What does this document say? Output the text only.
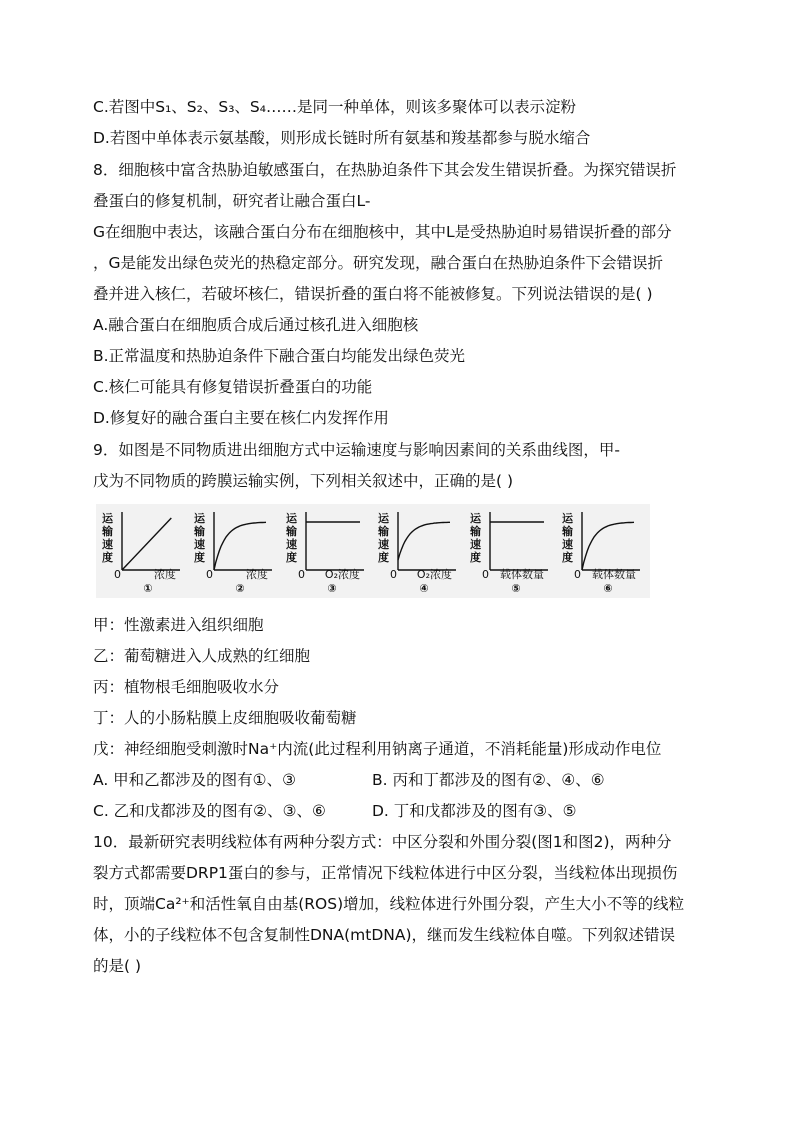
C.若图中S₁、S₂、S₃、S₄……是同一种单体，则该多聚体可以表示淀粉
D.若图中单体表示氨基酸，则形成长链时所有氨基和羧基都参与脱水缩合
8．细胞核中富含热胁迫敏感蛋白，在热胁迫条件下其会发生错误折叠。为探究错误折
叠蛋白的修复机制，研究者让融合蛋白L-
G在细胞中表达，该融合蛋白分布在细胞核中，其中L是受热胁迫时易错误折叠的部分
，G是能发出绿色荧光的热稳定部分。研究发现，融合蛋白在热胁迫条件下会错误折
叠并进入核仁，若破坏核仁，错误折叠的蛋白将不能被修复。下列说法错误的是( )
A.融合蛋白在细胞质合成后通过核孔进入细胞核
B.正常温度和热胁迫条件下融合蛋白均能发出绿色荧光
C.核仁可能具有修复错误折叠蛋白的功能
D.修复好的融合蛋白主要在核仁内发挥作用
9．如图是不同物质进出细胞方式中运输速度与影响因素间的关系曲线图，甲-
戊为不同物质的跨膜运输实例，下列相关叙述中，正确的是( )
运
输
速
度
0	浓度
①
运
输
速
度
0	浓度
②
运
输
速
度
0 O₂浓度
③
运
输
速
度
0 O₂浓度
④
运
输
速
度
0 载体数量
⑤
运
输
速
度
0 载体数量
⑥
甲：性激素进入组织细胞
乙：葡萄糖进入人成熟的红细胞
丙：植物根毛细胞吸收水分
丁：人的小肠粘膜上皮细胞吸收葡萄糖
戊：神经细胞受刺激时Na⁺内流(此过程利用钠离子通道，不消耗能量)形成动作电位
A. 甲和乙都涉及的图有①、③	B. 丙和丁都涉及的图有②、④、⑥
C. 乙和戊都涉及的图有②、③、⑥	D. 丁和戊都涉及的图有③、⑤
10．最新研究表明线粒体有两种分裂方式：中区分裂和外围分裂(图1和图2)，两种分
裂方式都需要DRP1蛋白的参与，正常情况下线粒体进行中区分裂，当线粒体出现损伤
时，顶端Ca²⁺和活性氧自由基(ROS)增加，线粒体进行外围分裂，产生大小不等的线粒
体，小的子线粒体不包含复制性DNA(mtDNA)，继而发生线粒体自噬。下列叙述错误
的是( )
